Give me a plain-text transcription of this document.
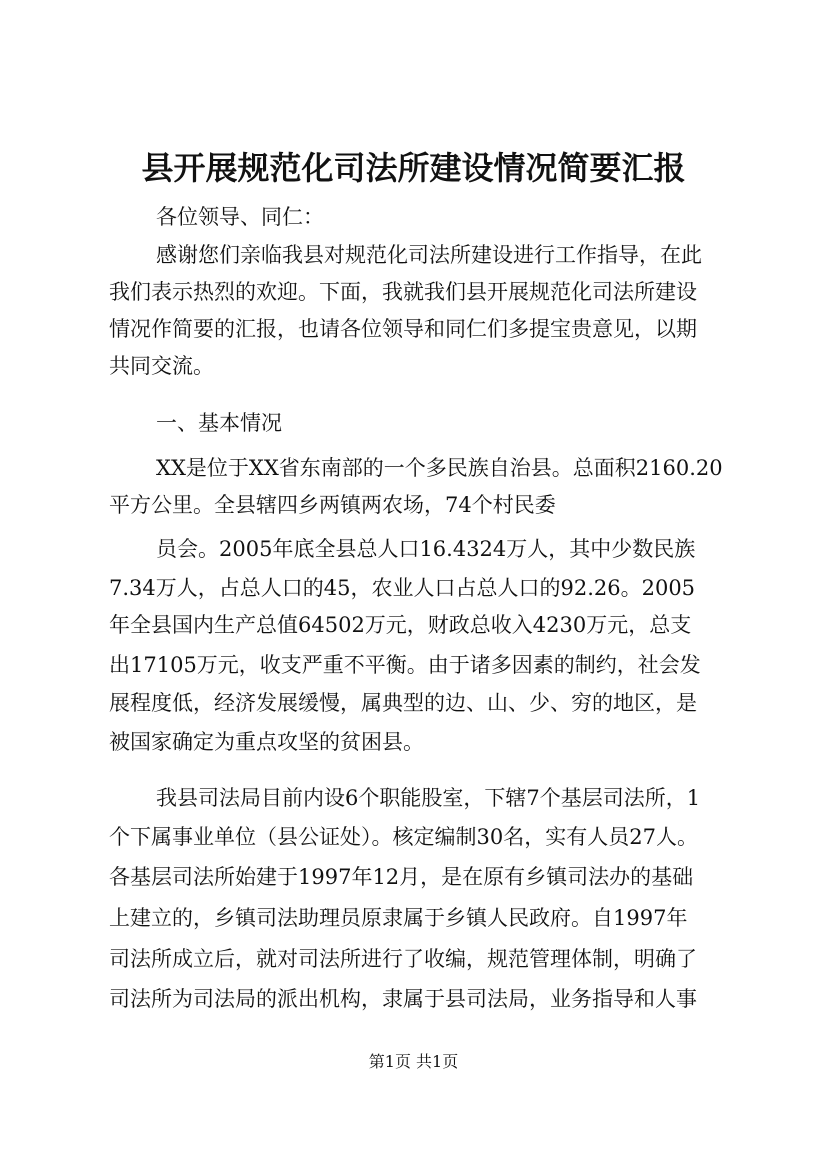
县开展规范化司法所建设情况简要汇报
各位领导、同仁：
感谢您们亲临我县对规范化司法所建设进行工作指导，在此
我们表示热烈的欢迎。下面，我就我们县开展规范化司法所建设
情况作简要的汇报，也请各位领导和同仁们多提宝贵意见，以期
共同交流。
一、基本情况
XX是位于XX省东南部的一个多民族自治县。总面积2160.20
平方公里。全县辖四乡两镇两农场，74个村民委
员会。2005年底全县总人口16.4324万人，其中少数民族
7.34万人，占总人口的45，农业人口占总人口的92.26。2005
年全县国内生产总值64502万元，财政总收入4230万元，总支
出17105万元，收支严重不平衡。由于诸多因素的制约，社会发
展程度低，经济发展缓慢，属典型的边、山、少、穷的地区，是
被国家确定为重点攻坚的贫困县。
我县司法局目前内设6个职能股室，下辖7个基层司法所，1
个下属事业单位（县公证处）。核定编制30名，实有人员27人。
各基层司法所始建于1997年12月，是在原有乡镇司法办的基础
上建立的，乡镇司法助理员原隶属于乡镇人民政府。自1997年
司法所成立后，就对司法所进行了收编，规范管理体制，明确了
司法所为司法局的派出机构，隶属于县司法局，业务指导和人事
第1页 共1页
